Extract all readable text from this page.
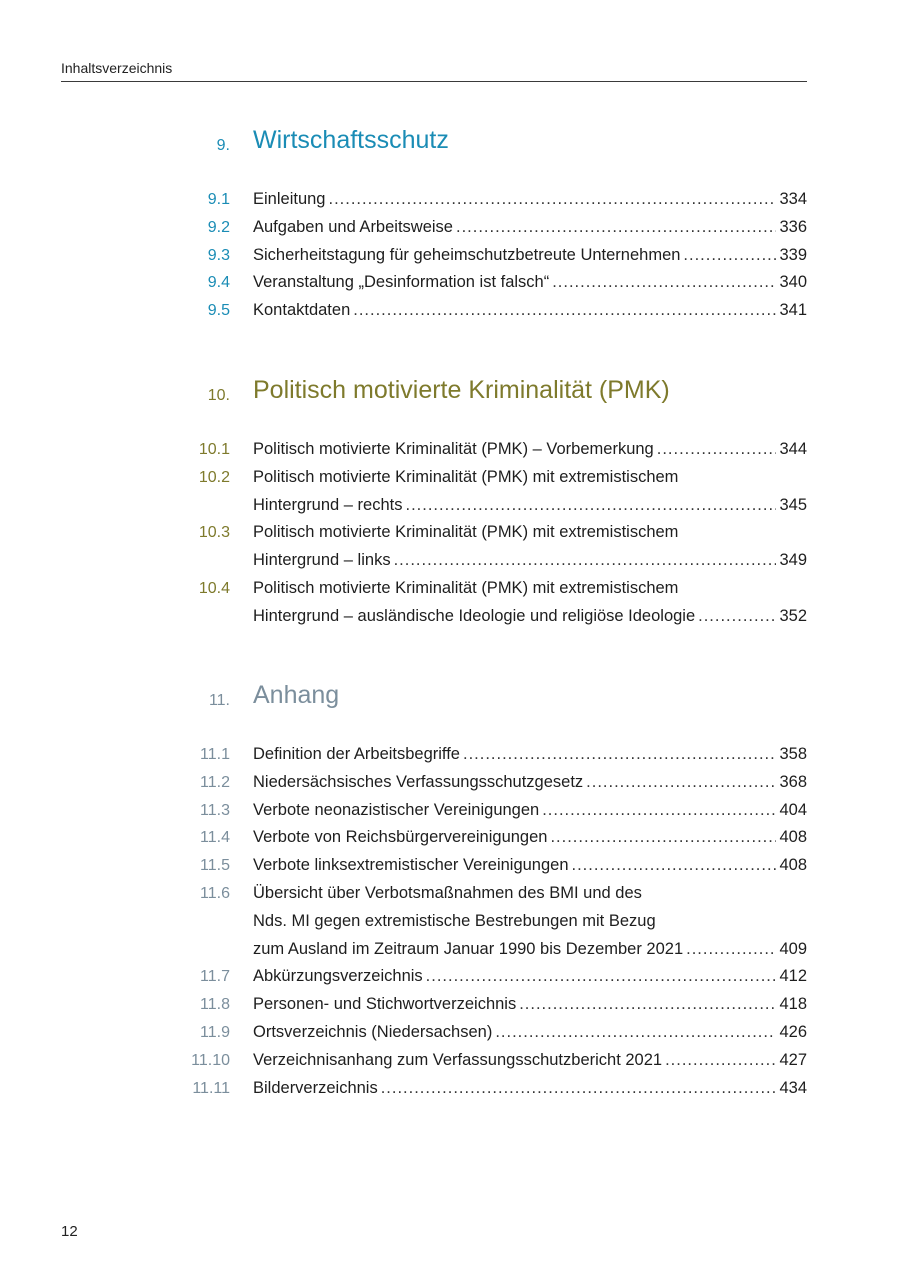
Inhaltsverzeichnis
9. Wirtschaftsschutz
9.1 Einleitung .....	334
9.2 Aufgaben und Arbeitsweise .....	336
9.3 Sicherheitstagung für geheimschutzbetreute Unternehmen .....	339
9.4 Veranstaltung „Desinformation ist falsch“ .....	340
9.5 Kontaktdaten .....	341
10. Politisch motivierte Kriminalität (PMK)
10.1 Politisch motivierte Kriminalität (PMK) – Vorbemerkung .....	344
10.2 Politisch motivierte Kriminalität (PMK) mit extremistischem
Hintergrund – rechts .....	345
10.3 Politisch motivierte Kriminalität (PMK) mit extremistischem
Hintergrund – links .....	349
10.4 Politisch motivierte Kriminalität (PMK) mit extremistischem
Hintergrund – ausländische Ideologie und religiöse Ideologie .....	352
11. Anhang
11.1 Definition der Arbeitsbegriffe .....	358
11.2 Niedersächsisches Verfassungsschutzgesetz .....	368
11.3 Verbote neonazistischer Vereinigungen .....	404
11.4 Verbote von Reichsbürgervereinigungen .....	408
11.5 Verbote linksextremistischer Vereinigungen .....	408
11.6 Übersicht über Verbotsmaßnahmen des BMI und des
Nds. MI gegen extremistische Bestrebungen mit Bezug
zum Ausland im Zeitraum Januar 1990 bis Dezember 2021 .....	409
11.7 Abkürzungsverzeichnis .....	412
11.8 Personen- und Stichwortverzeichnis .....	418
11.9 Ortsverzeichnis (Niedersachsen) .....	426
11.10 Verzeichnisanhang zum Verfassungsschutzbericht 2021 .....	427
11.11 Bilderverzeichnis .....	434
12
